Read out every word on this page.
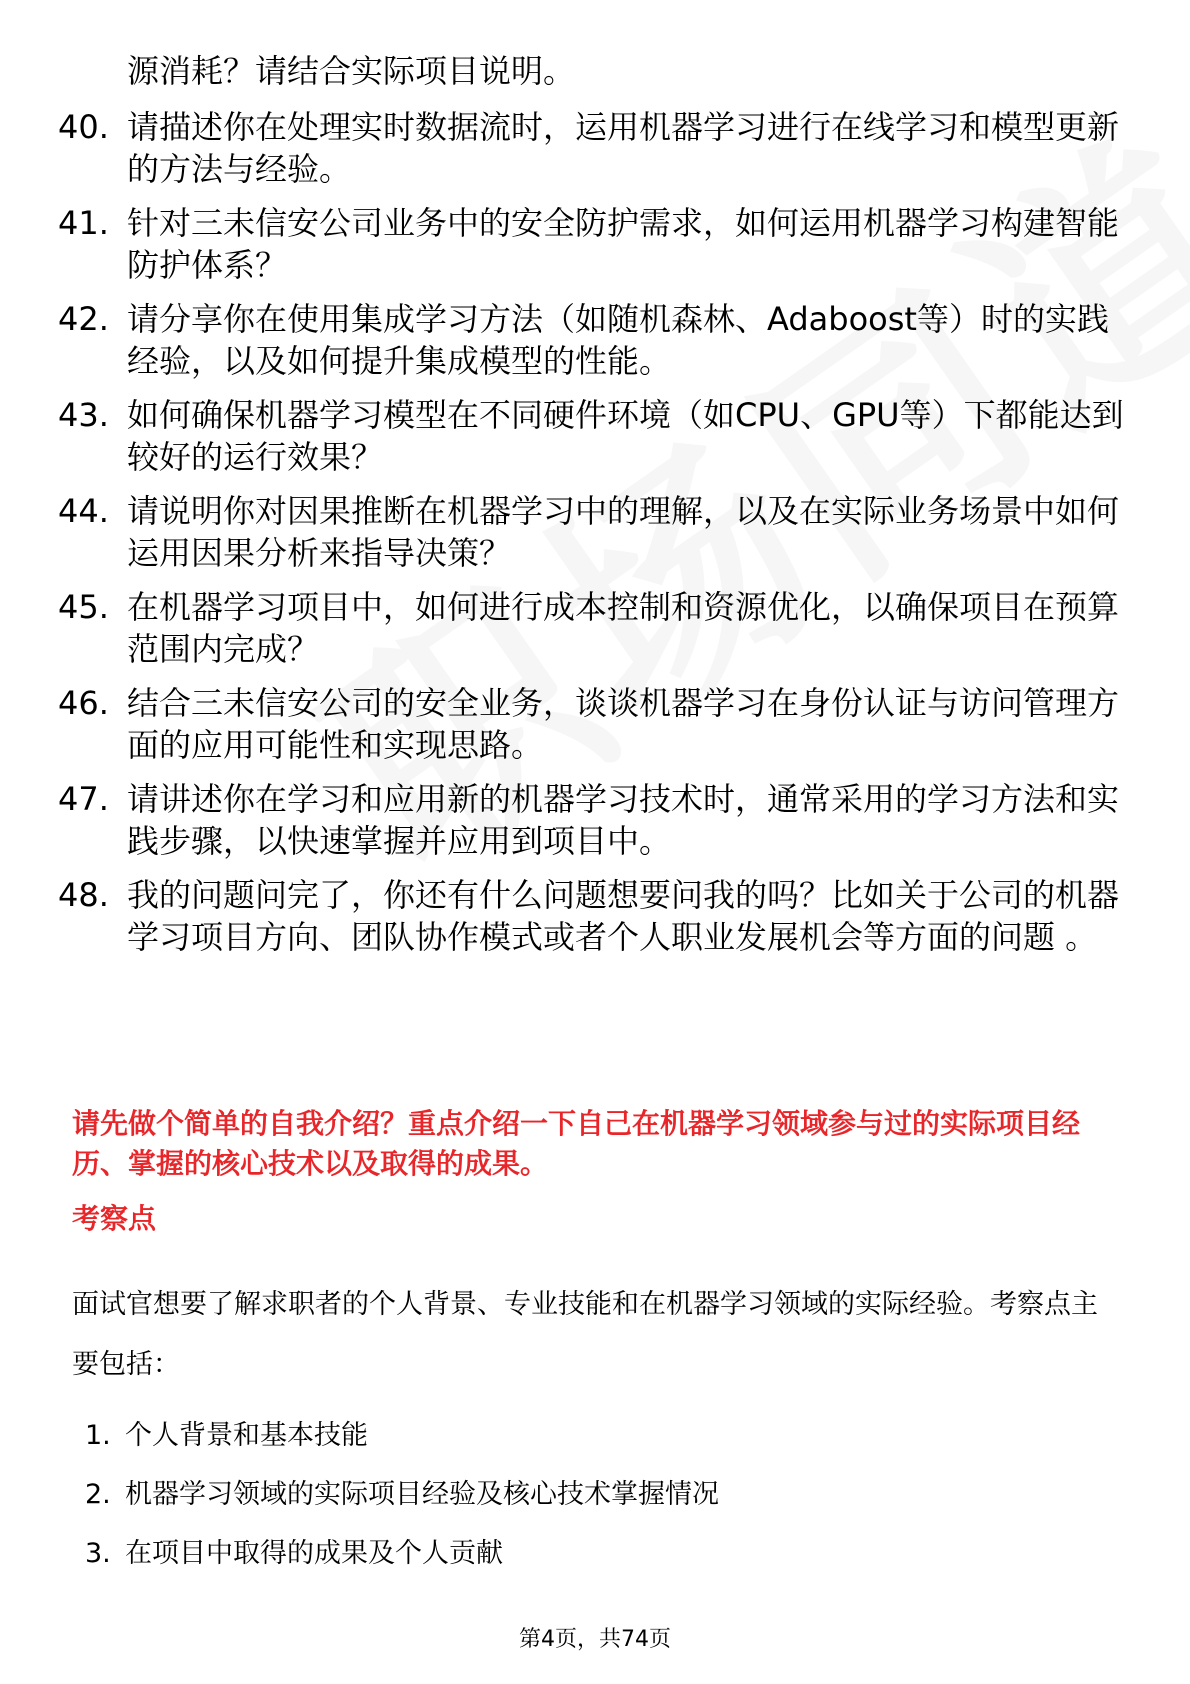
源消耗？请结合实际项目说明。
40. 请描述你在处理实时数据流时，运用机器学习进行在线学习和模型更新的方法与经验。
41. 针对三未信安公司业务中的安全防护需求，如何运用机器学习构建智能防护体系？
42. 请分享你在使用集成学习方法（如随机森林、Adaboost等）时的实践经验，以及如何提升集成模型的性能。
43. 如何确保机器学习模型在不同硬件环境（如CPU、GPU等）下都能达到较好的运行效果？
44. 请说明你对因果推断在机器学习中的理解，以及在实际业务场景中如何运用因果分析来指导决策？
45. 在机器学习项目中，如何进行成本控制和资源优化，以确保项目在预算范围内完成？
46. 结合三未信安公司的安全业务，谈谈机器学习在身份认证与访问管理方面的应用可能性和实现思路。
47. 请讲述你在学习和应用新的机器学习技术时，通常采用的学习方法和实践步骤，以快速掌握并应用到项目中。
48. 我的问题问完了，你还有什么问题想要问我的吗？比如关于公司的机器学习项目方向、团队协作模式或者个人职业发展机会等方面的问题 。
请先做个简单的自我介绍？重点介绍一下自己在机器学习领域参与过的实际项目经历、掌握的核心技术以及取得的成果。
考察点
面试官想要了解求职者的个人背景、专业技能和在机器学习领域的实际经验。考察点主要包括：
1. 个人背景和基本技能
2. 机器学习领域的实际项目经验及核心技术掌握情况
3. 在项目中取得的成果及个人贡献
第4页，共74页
